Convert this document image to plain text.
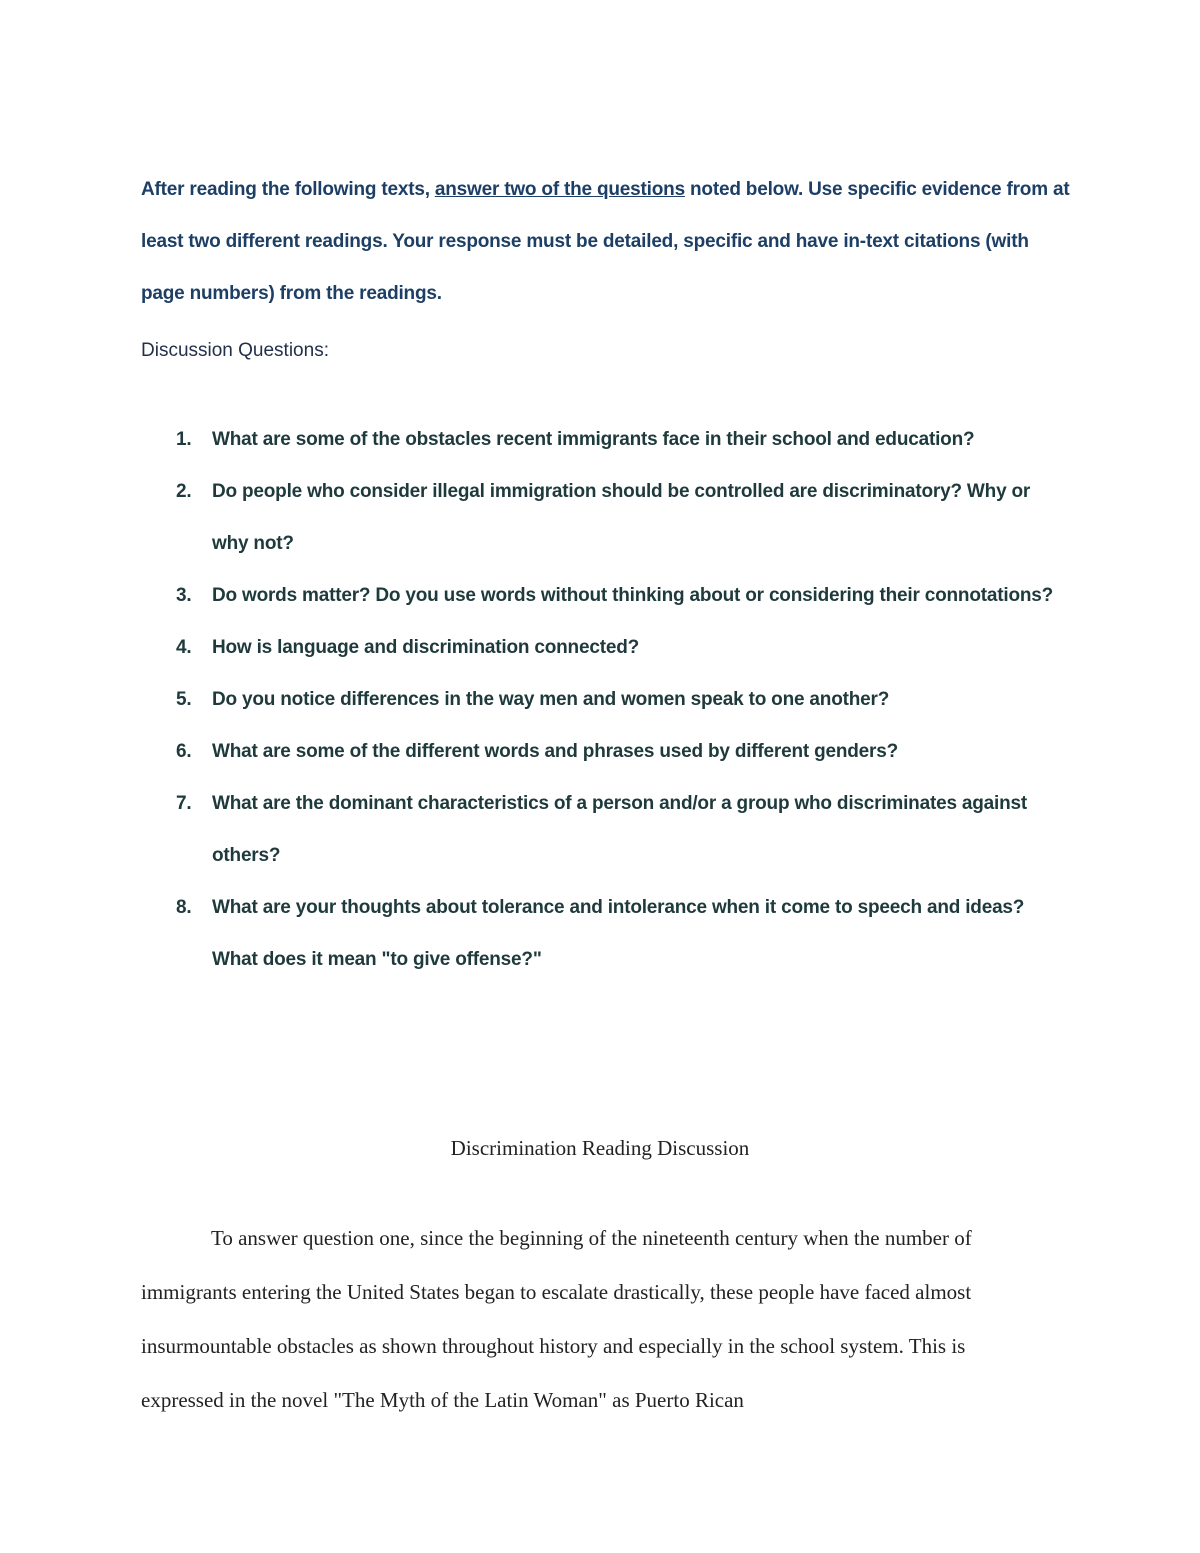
After reading the following texts, answer two of the questions noted below. Use specific evidence from at least two different readings. Your response must be detailed, specific and have in-text citations (with page numbers) from the readings.

Discussion Questions:
1. What are some of the obstacles recent immigrants face in their school and education?
2. Do people who consider illegal immigration should be controlled are discriminatory? Why or why not?
3. Do words matter? Do you use words without thinking about or considering their connotations?
4. How is language and discrimination connected?
5. Do you notice differences in the way men and women speak to one another?
6. What are some of the different words and phrases used by different genders?
7. What are the dominant characteristics of a person and/or a group who discriminates against others?
8. What are your thoughts about tolerance and intolerance when it come to speech and ideas? What does it mean "to give offense?"
Discrimination Reading Discussion

To answer question one, since the beginning of the nineteenth century when the number of immigrants entering the United States began to escalate drastically, these people have faced almost insurmountable obstacles as shown throughout history and especially in the school system. This is expressed in the novel "The Myth of the Latin Woman" as Puerto Rican
